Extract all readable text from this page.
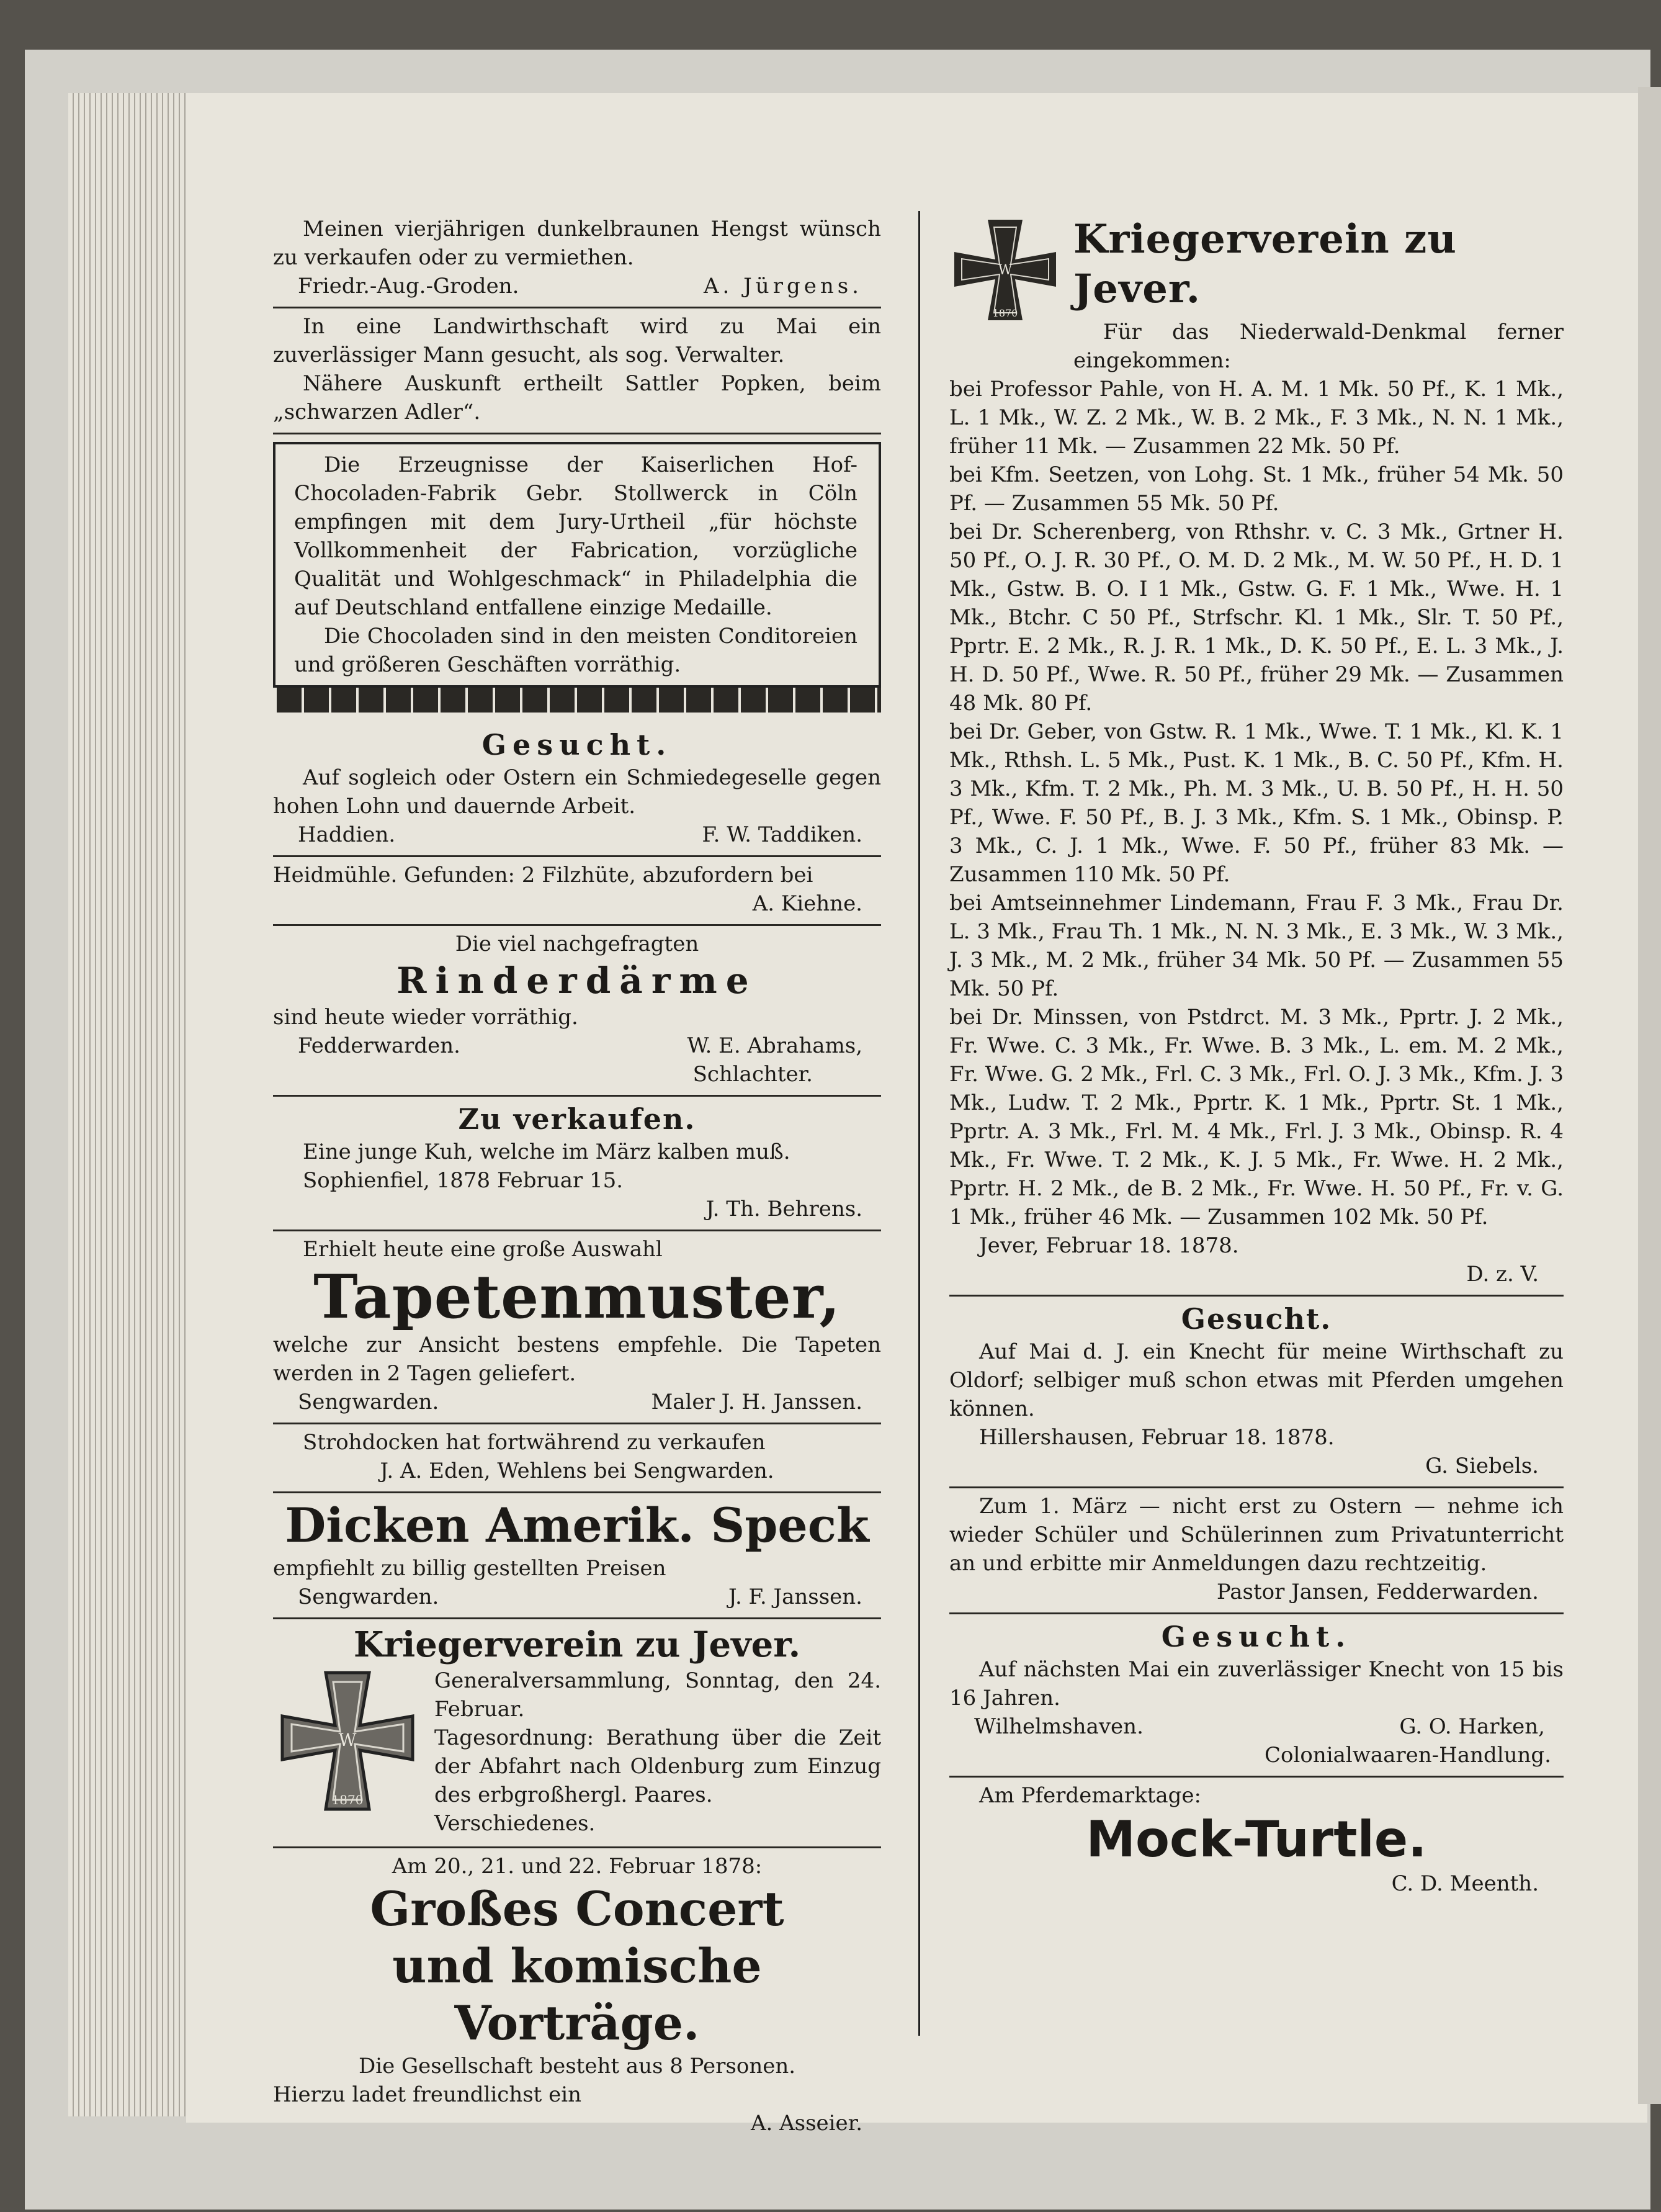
Meinen vierjährigen dunkelbraunen Hengst wünsch zu verkaufen oder zu vermiethen.

Friedr.-Aug.-Groden.	A. Jürgens.

In eine Landwirthschaft wird zu Mai ein zuverlässiger Mann gesucht, als sog. Verwalter.

Nähere Auskunft ertheilt Sattler Popken, beim „schwarzen Adler“.

Die Erzeugnisse der Kaiserlichen Hof-Chocoladen-Fabrik Gebr. Stollwerck in Cöln empfingen mit dem Jury-Urtheil „für höchste Vollkommenheit der Fabrication, vorzügliche Qualität und Wohlgeschmack“ in Philadelphia die auf Deutschland entfallene einzige Medaille.

Die Chocoladen sind in den meisten Conditoreien und größeren Geschäften vorräthig.

Gesucht.

Auf sogleich oder Ostern ein Schmiedegeselle gegen hohen Lohn und dauernde Arbeit.

Haddien.	F. W. Taddiken.

Heidmühle. Gefunden: 2 Filzhüte, abzufordern bei

A. Kiehne.

Die viel nachgefragten

Rinderdärme

sind heute wieder vorräthig.

Fedderwarden.	W. E. Abrahams,

Schlachter.

Zu verkaufen.

Eine junge Kuh, welche im März kalben muß.

Sophienfiel, 1878 Februar 15.

J. Th. Behrens.

Erhielt heute eine große Auswahl

Tapetenmuster,

welche zur Ansicht bestens empfehle. Die Tapeten werden in 2 Tagen geliefert.

Sengwarden.	Maler J. H. Janssen.

Strohdocken hat fortwährend zu verkaufen

J. A. Eden, Wehlens bei Sengwarden.

Dicken Amerik. Speck

empfiehlt zu billig gestellten Preisen

Sengwarden.	J. F. Janssen.
Kriegerverein zu Jever.
W
1870

Generalversammlung, Sonntag, den 24. Februar.

Tagesordnung: Berathung über die Zeit der Abfahrt nach Oldenburg zum Einzug des erbgroßhergl. Paares.

Verschiedenes.

Am 20., 21. und 22. Februar 1878:

Großes Concert
und komische Vorträge.

Die Gesellschaft besteht aus 8 Personen.

Hierzu ladet freundlichst ein

A. Asseier.

W
1870
Kriegerverein zu Jever.

Für das Niederwald-Denkmal ferner eingekommen:

bei Professor Pahle, von H. A. M. 1 Mk. 50 Pf., K. 1 Mk., L. 1 Mk., W. Z. 2 Mk., W. B. 2 Mk., F. 3 Mk., N. N. 1 Mk., früher 11 Mk. — Zusammen 22 Mk. 50 Pf.

bei Kfm. Seetzen, von Lohg. St. 1 Mk., früher 54 Mk. 50 Pf. — Zusammen 55 Mk. 50 Pf.

bei Dr. Scherenberg, von Rthshr. v. C. 3 Mk., Grtner H. 50 Pf., O. J. R. 30 Pf., O. M. D. 2 Mk., M. W. 50 Pf., H. D. 1 Mk., Gstw. B. O. I 1 Mk., Gstw. G. F. 1 Mk., Wwe. H. 1 Mk., Btchr. C 50 Pf., Strfschr. Kl. 1 Mk., Slr. T. 50 Pf., Pprtr. E. 2 Mk., R. J. R. 1 Mk., D. K. 50 Pf., E. L. 3 Mk., J. H. D. 50 Pf., Wwe. R. 50 Pf., früher 29 Mk. — Zusammen 48 Mk. 80 Pf.

bei Dr. Geber, von Gstw. R. 1 Mk., Wwe. T. 1 Mk., Kl. K. 1 Mk., Rthsh. L. 5 Mk., Pust. K. 1 Mk., B. C. 50 Pf., Kfm. H. 3 Mk., Kfm. T. 2 Mk., Ph. M. 3 Mk., U. B. 50 Pf., H. H. 50 Pf., Wwe. F. 50 Pf., B. J. 3 Mk., Kfm. S. 1 Mk., Obinsp. P. 3 Mk., C. J. 1 Mk., Wwe. F. 50 Pf., früher 83 Mk. — Zusammen 110 Mk. 50 Pf.

bei Amtseinnehmer Lindemann, Frau F. 3 Mk., Frau Dr. L. 3 Mk., Frau Th. 1 Mk., N. N. 3 Mk., E. 3 Mk., W. 3 Mk., J. 3 Mk., M. 2 Mk., früher 34 Mk. 50 Pf. — Zusammen 55 Mk. 50 Pf.

bei Dr. Minssen, von Pstdrct. M. 3 Mk., Pprtr. J. 2 Mk., Fr. Wwe. C. 3 Mk., Fr. Wwe. B. 3 Mk., L. em. M. 2 Mk., Fr. Wwe. G. 2 Mk., Frl. C. 3 Mk., Frl. O. J. 3 Mk., Kfm. J. 3 Mk., Ludw. T. 2 Mk., Pprtr. K. 1 Mk., Pprtr. St. 1 Mk., Pprtr. A. 3 Mk., Frl. M. 4 Mk., Frl. J. 3 Mk., Obinsp. R. 4 Mk., Fr. Wwe. T. 2 Mk., K. J. 5 Mk., Fr. Wwe. H. 2 Mk., Pprtr. H. 2 Mk., de B. 2 Mk., Fr. Wwe. H. 50 Pf., Fr. v. G. 1 Mk., früher 46 Mk. — Zusammen 102 Mk. 50 Pf.

Jever, Februar 18. 1878.

D. z. V.

Gesucht.

Auf Mai d. J. ein Knecht für meine Wirthschaft zu Oldorf; selbiger muß schon etwas mit Pferden umgehen können.

Hillershausen, Februar 18. 1878.

G. Siebels.

Zum 1. März — nicht erst zu Ostern — nehme ich wieder Schüler und Schülerinnen zum Privatunterricht an und erbitte mir Anmeldungen dazu rechtzeitig.

Pastor Jansen, Fedderwarden.

Gesucht.

Auf nächsten Mai ein zuverlässiger Knecht von 15 bis 16 Jahren.

Wilhelmshaven.	G. O. Harken,

Colonialwaaren-Handlung.

Am Pferdemarktage:

Mock-Turtle.

C. D. Meenth.
